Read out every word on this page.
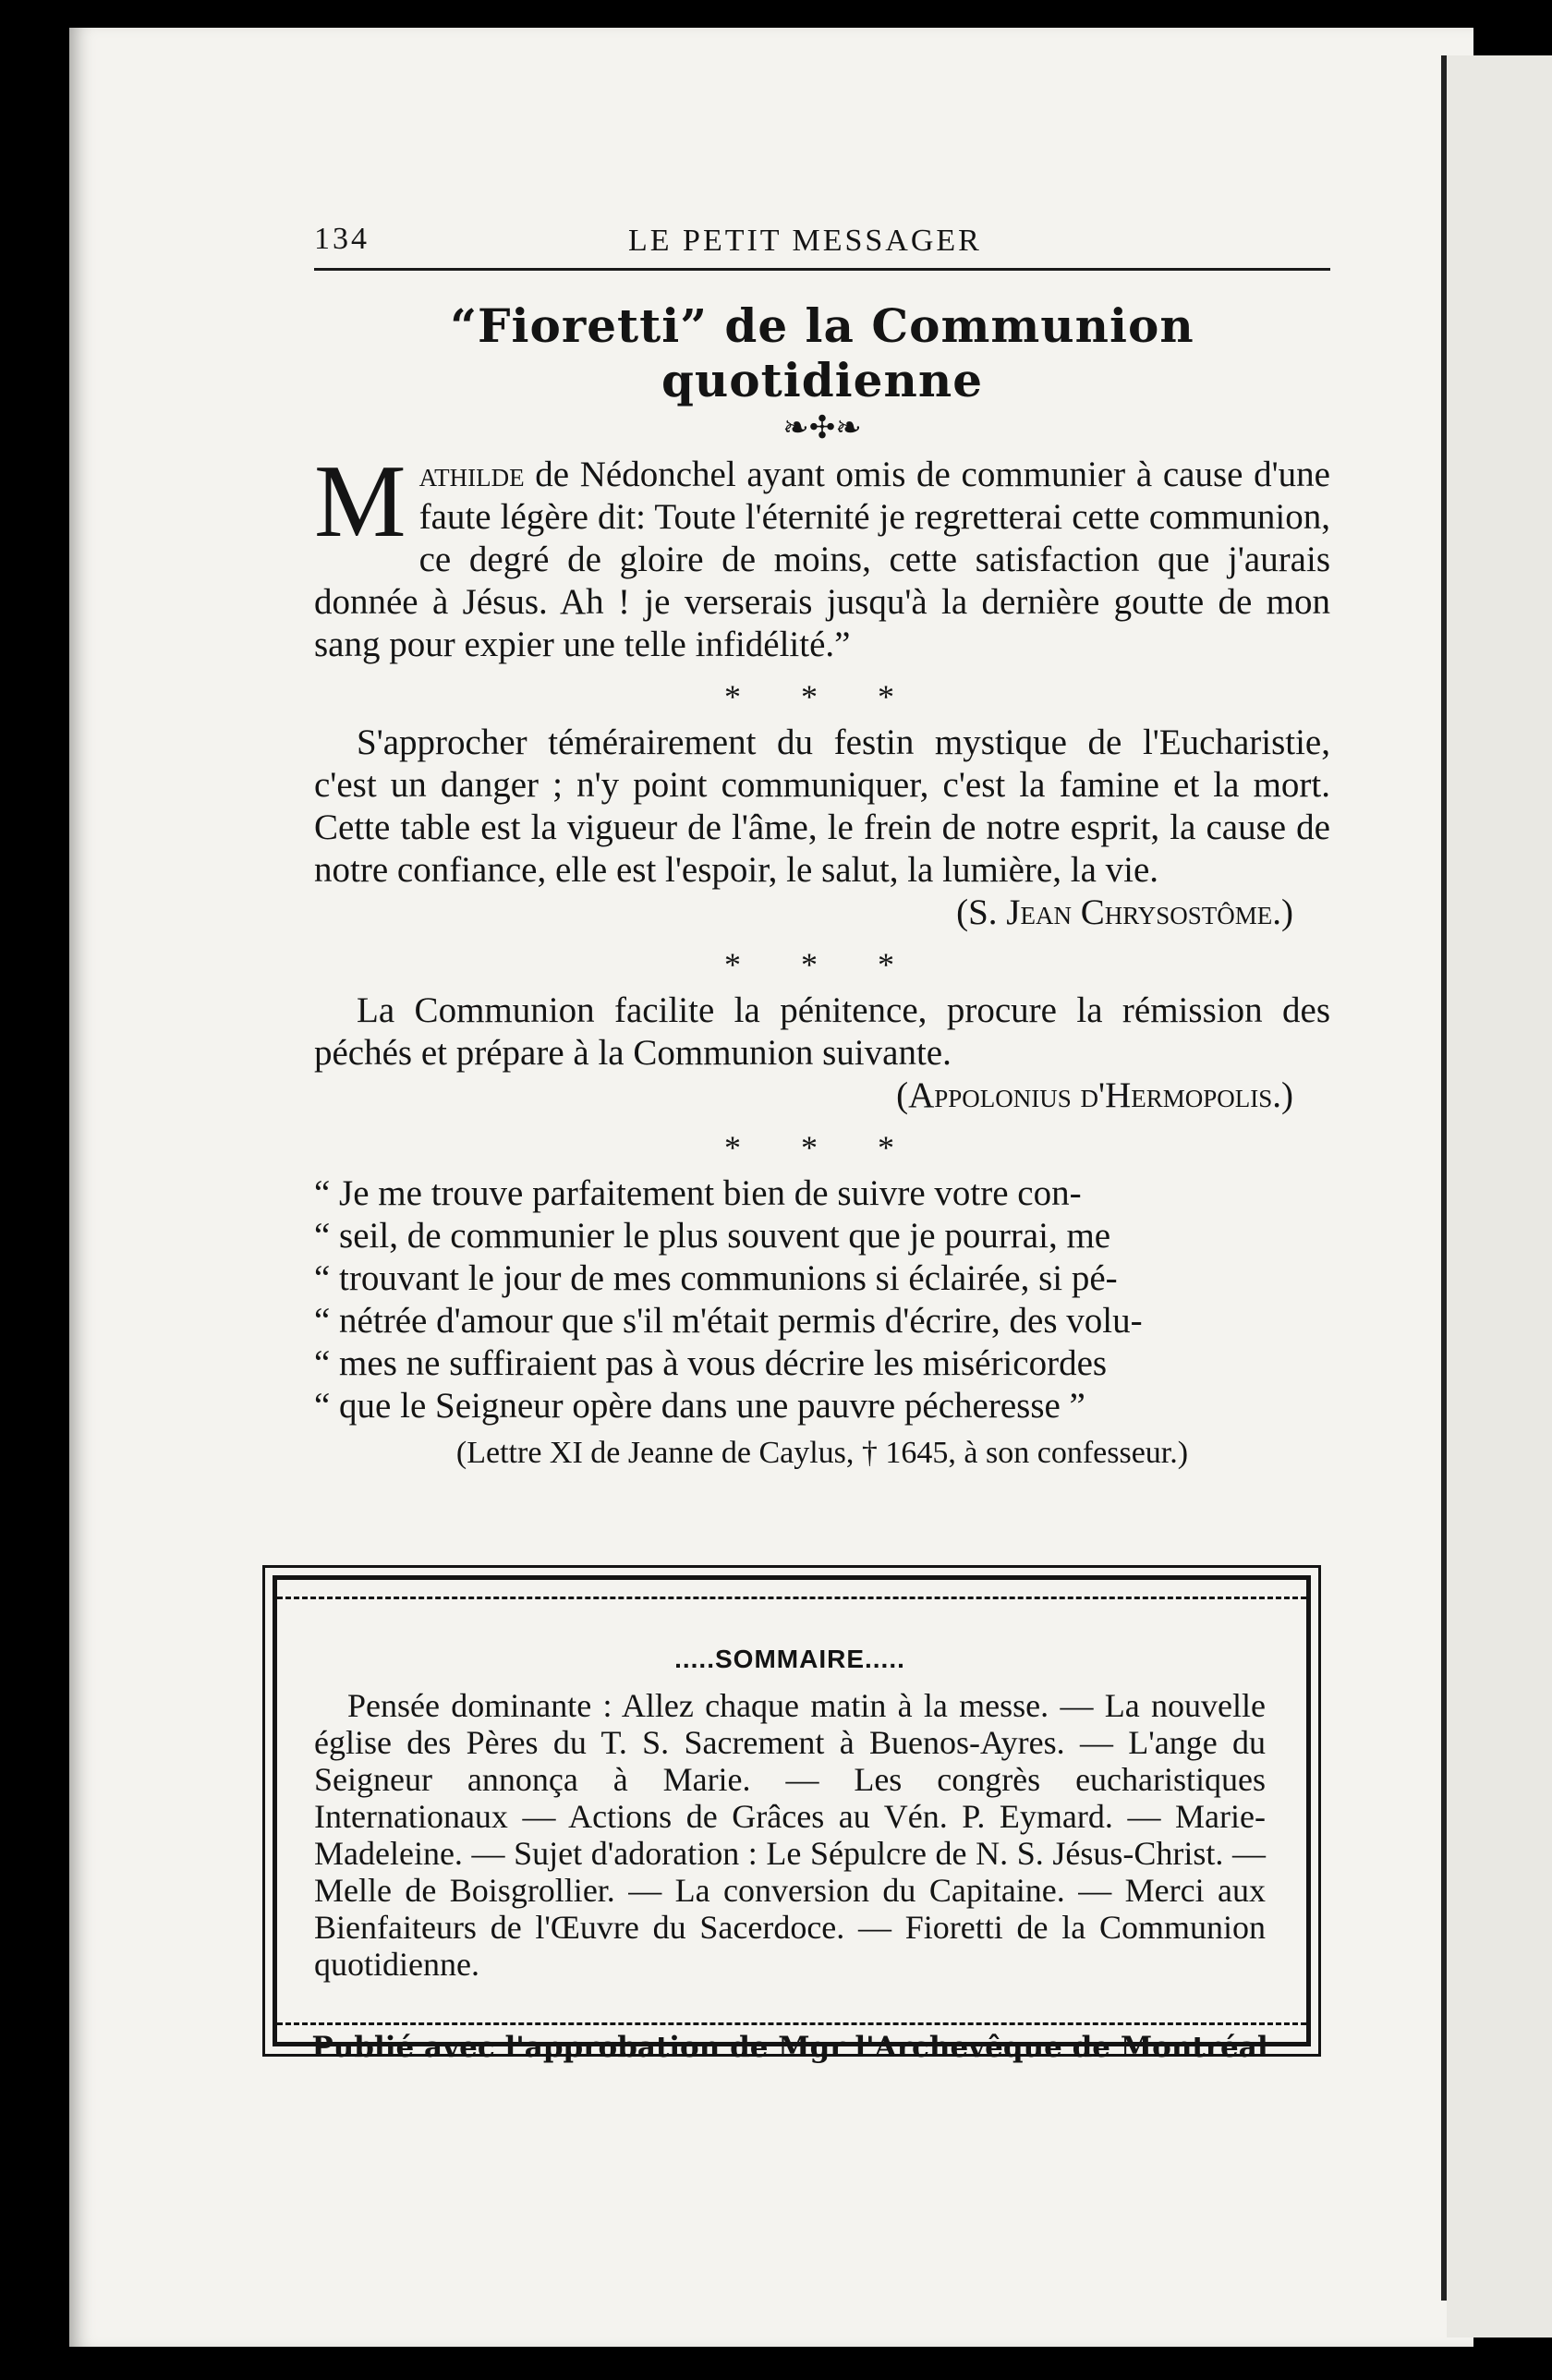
134	LE PETIT MESSAGER
“Fioretti” de la Communion quotidienne
❧✣❧

Mathilde de Nédonchel ayant omis de communier à cause d'une faute légère dit: Toute l'éternité je regretterai cette communion, ce degré de gloire de moins, cette satisfaction que j'aurais donnée à Jésus. Ah ! je verserais jusqu'à la dernière goutte de mon sang pour expier une telle infidélité.”

* * *

S'approcher témérairement du festin mystique de l'Eucharistie, c'est un danger ; n'y point communiquer, c'est la famine et la mort. Cette table est la vigueur de l'âme, le frein de notre esprit, la cause de notre confiance, elle est l'espoir, le salut, la lumière, la vie.

(S. Jean Chrysostôme.)
* * *

La Communion facilite la pénitence, procure la rémission des péchés et prépare à la Communion suivante.

(Appolonius d'Hermopolis.)
* * *

“ Je me trouve parfaitement bien de suivre votre con-

“ seil, de communier le plus souvent que je pourrai, me

“ trouvant le jour de mes communions si éclairée, si pé-

“ nétrée d'amour que s'il m'était permis d'écrire, des volu-

“ mes ne suffiraient pas à vous décrire les miséricordes

“ que le Seigneur opère dans une pauvre pécheresse ”

(Lettre XI de Jeanne de Caylus, † 1645, à son confesseur.)
.....SOMMAIRE.....

Pensée dominante : Allez chaque matin à la messe. — La nouvelle église des Pères du T. S. Sacrement à Buenos-Ayres. — L'ange du Seigneur annonça à Marie. — Les congrès eucharistiques Internationaux — Actions de Grâces au Vén. P. Eymard. — Marie-Madeleine. — Sujet d'adoration : Le Sépulcre de N. S. Jésus-Christ. — Melle de Boisgrollier. — La conversion du Capitaine. — Merci aux Bienfaiteurs de l'Œuvre du Sacerdoce. — Fioretti de la Communion quotidienne.

Publié avec l'approbation de Mgr l'Archevêque de Montréal
